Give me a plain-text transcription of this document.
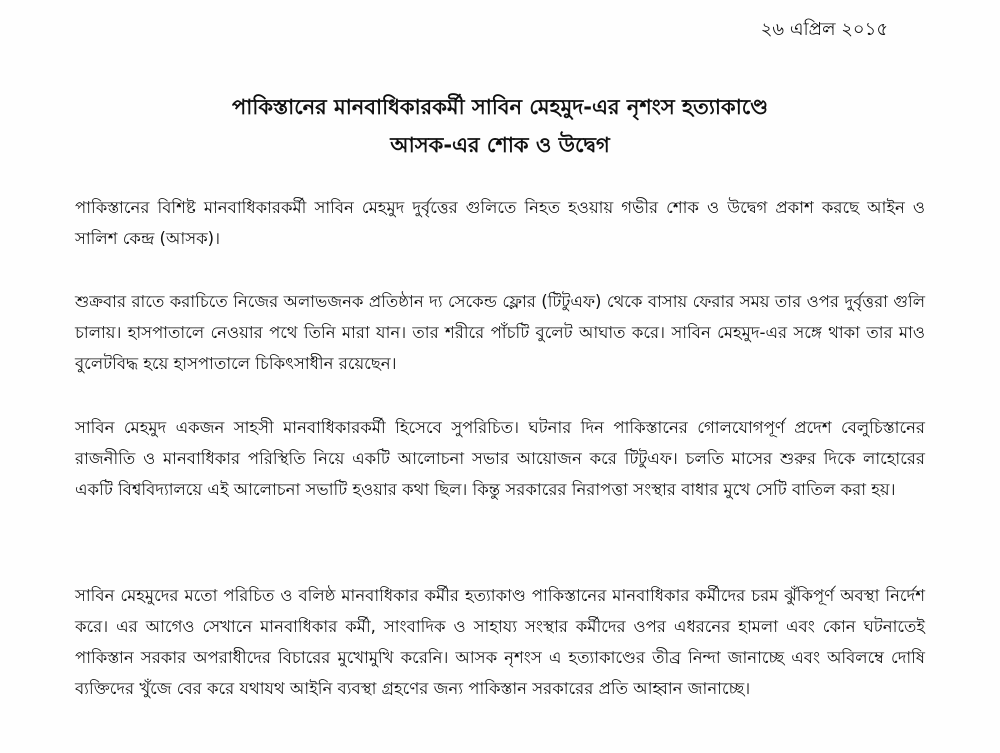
২৬ এপ্রিল ২০১৫
পাকিস্তানের মানবাধিকারকর্মী সাবিন মেহমুদ-এর নৃশংস হত্যাকাণ্ডে
আসক-এর শোক ও উদ্বেগ

পাকিস্তানের বিশিষ্ট মানবাধিকারকর্মী সাবিন মেহমুদ দুর্বৃত্তের গুলিতে নিহত হওয়ায় গভীর শোক ও উদ্বেগ প্রকাশ করছে আইন ও সালিশ কেন্দ্র (আসক)।

শুক্রবার রাতে করাচিতে নিজের অলাভজনক প্রতিষ্ঠান দ্য সেকেন্ড ফ্লোর (টিটুএফ) থেকে বাসায় ফেরার সময় তার ওপর দুর্বৃত্তরা গুলি চালায়। হাসপাতালে নেওয়ার পথে তিনি মারা যান। তার শরীরে পাঁচটি বুলেট আঘাত করে। সাবিন মেহমুদ-এর সঙ্গে থাকা তার মাও বুলেটবিদ্ধ হয়ে হাসপাতালে চিকিৎসাধীন রয়েছেন।

সাবিন মেহমুদ একজন সাহসী মানবাধিকারকর্মী হিসেবে সুপরিচিত। ঘটনার দিন পাকিস্তানের গোলযোগপূর্ণ প্রদেশ বেলুচিস্তানের রাজনীতি ও মানবাধিকার পরিস্থিতি নিয়ে একটি আলোচনা সভার আয়োজন করে টিটুএফ। চলতি মাসের শুরুর দিকে লাহোরের একটি বিশ্ববিদ্যালয়ে এই আলোচনা সভাটি হওয়ার কথা ছিল। কিন্তু সরকারের নিরাপত্তা সংস্থার বাধার মুখে সেটি বাতিল করা হয়।

সাবিন মেহমুদের মতো পরিচিত ও বলিষ্ঠ মানবাধিকার কর্মীর হত্যাকাণ্ড পাকিস্তানের মানবাধিকার কর্মীদের চরম ঝুঁকিপূর্ণ অবস্থা নির্দেশ করে। এর আগেও সেখানে মানবাধিকার কর্মী, সাংবাদিক ও সাহায্য সংস্থার কর্মীদের ওপর এধরনের হামলা এবং কোন ঘটনাতেই পাকিস্তান সরকার অপরাধীদের বিচারের মুখোমুখি করেনি। আসক নৃশংস এ হত্যাকাণ্ডের তীব্র নিন্দা জানাচ্ছে এবং অবিলম্বে দোষি ব্যক্তিদের খুঁজে বের করে যথাযথ আইনি ব্যবস্থা গ্রহণের জন্য পাকিস্তান সরকারের প্রতি আহ্বান জানাচ্ছে।
